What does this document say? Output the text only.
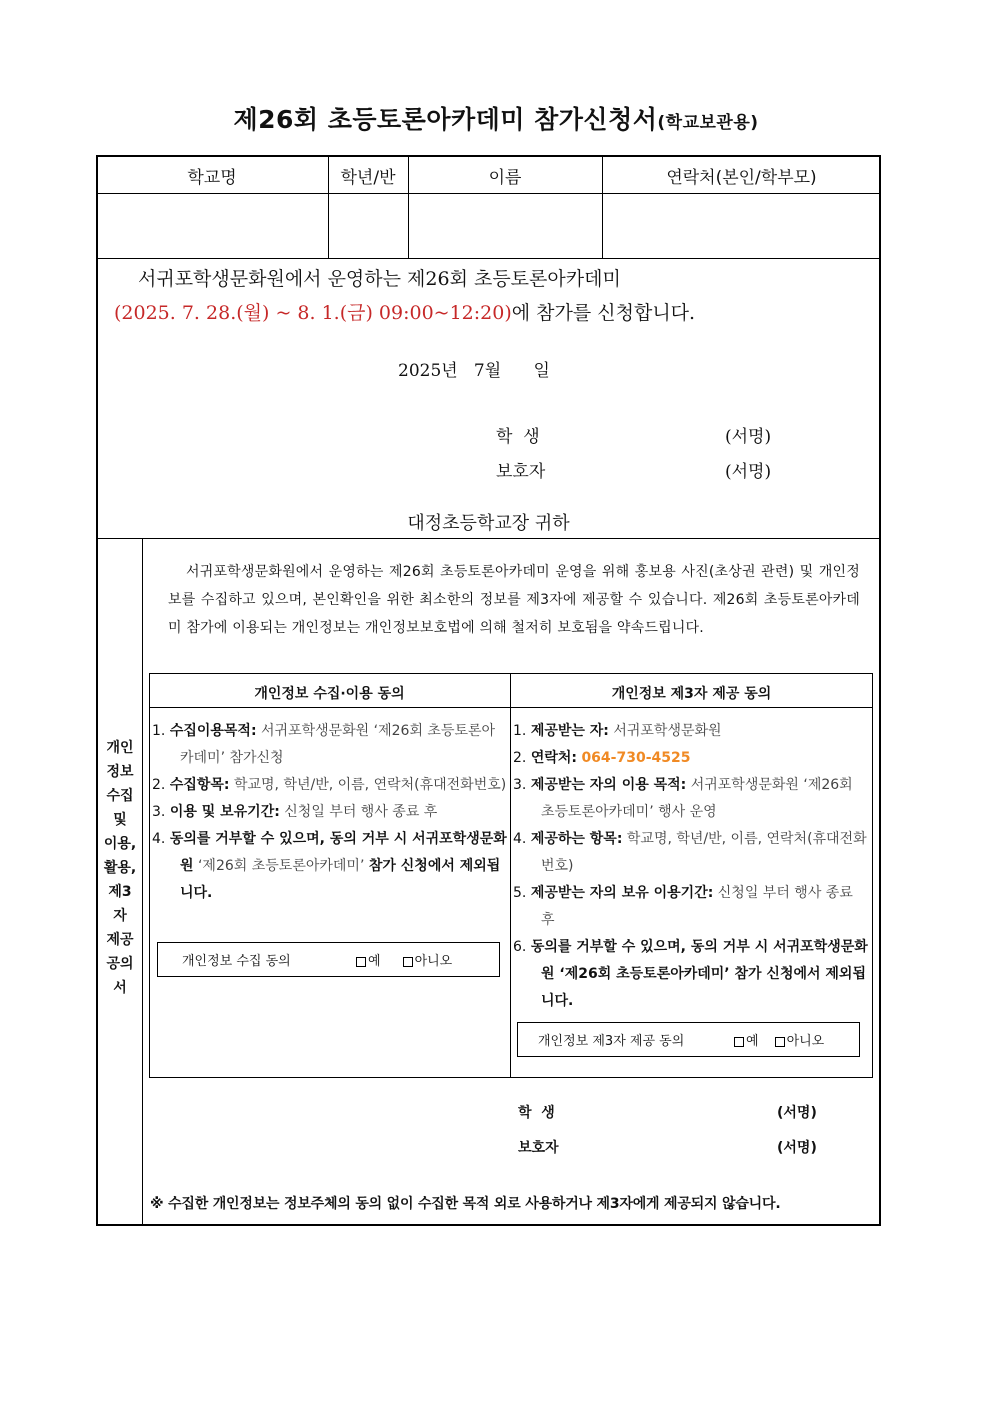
제26회 초등토론아카데미 참가신청서(학교보관용)
학교명	학년/반	이름	연락처(본인/학부모)
서귀포학생문화원에서 운영하는 제26회 초등토론아카데미
(2025. 7. 28.(월) ~ 8. 1.(금) 09:00~12:20)에 참가를 신청합니다.
2025년   7월      일
학  생	(서명)
보호자	(서명)
대정초등학교장 귀하
개인
정보
수집
및
이용,
활용,
제3
자
제공
공의
서
서귀포학생문화원에서 운영하는 제26회 초등토론아카데미 운영을 위해 홍보용 사진(초상권 관련) 및 개인정보를 수집하고 있으며, 본인확인을 위한 최소한의 정보를 제3자에 제공할 수 있습니다. 제26회 초등토론아카데미 참가에 이용되는 개인정보는 개인정보보호법에 의해 철저히 보호됨을 약속드립니다.
개인정보 수집·이용 동의	개인정보 제3자 제공 동의
1. 수집이용목적: 서귀포학생문화원 ‘제26회 초등토론아카데미’ 참가신청
2. 수집항목: 학교명, 학년/반, 이름, 연락처(휴대전화번호)
3. 이용 및 보유기간: 신청일 부터 행사 종료 후
4. 동의를 거부할 수 있으며, 동의 거부 시 서귀포학생문화원 ‘제26회 초등토론아카데미’ 참가 신청에서 제외됩니다.
개인정보 수집 동의	예	아니오
1. 제공받는 자: 서귀포학생문화원
2. 연락처: 064-730-4525
3. 제공받는 자의 이용 목적: 서귀포학생문화원 ‘제26회 초등토론아카데미’ 행사 운영
4. 제공하는 항목: 학교명, 학년/반, 이름, 연락처(휴대전화번호)
5. 제공받는 자의 보유 이용기간: 신청일 부터 행사 종료 후
6. 동의를 거부할 수 있으며, 동의 거부 시 서귀포학생문화원 ‘제26회 초등토론아카데미’ 참가 신청에서 제외됩니다.
개인정보 제3자 제공 동의	예	아니오
학  생	(서명)
보호자	(서명)
※ 수집한 개인정보는 정보주체의 동의 없이 수집한 목적 외로 사용하거나 제3자에게 제공되지 않습니다.
